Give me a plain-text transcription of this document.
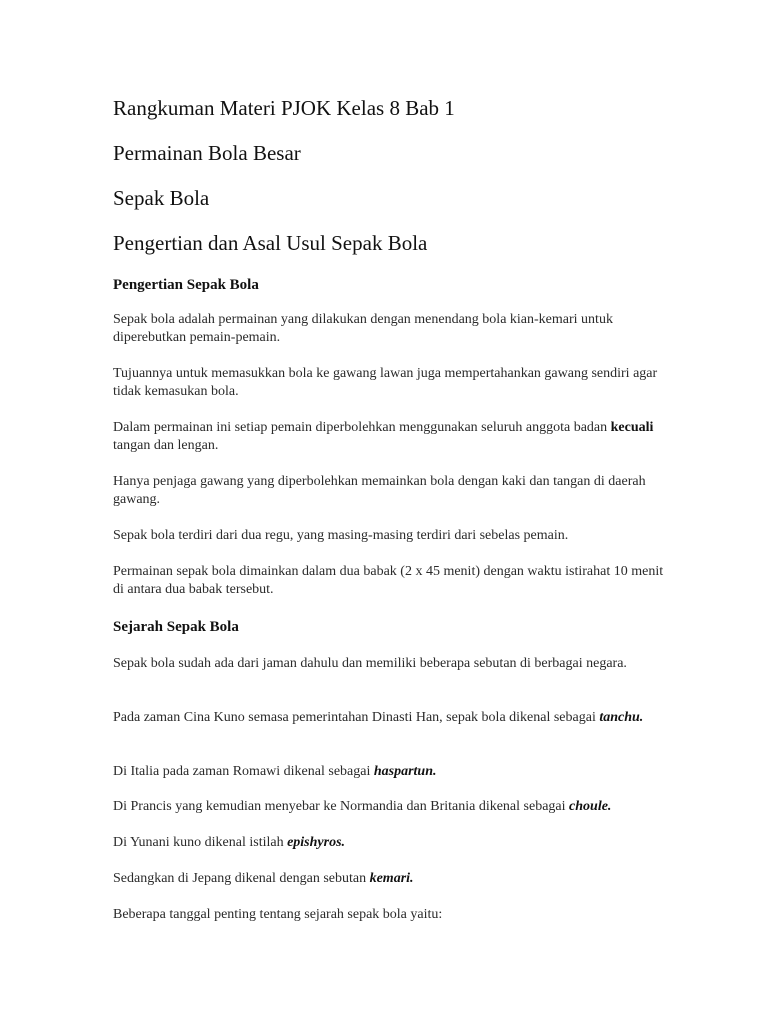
Rangkuman Materi PJOK Kelas 8 Bab 1
Permainan Bola Besar
Sepak Bola
Pengertian dan Asal Usul Sepak Bola
Pengertian Sepak Bola
Sepak bola adalah permainan yang dilakukan dengan menendang bola kian-kemari untuk diperebutkan pemain-pemain.
Tujuannya untuk memasukkan bola ke gawang lawan juga mempertahankan gawang sendiri agar tidak kemasukan bola.
Dalam permainan ini setiap pemain diperbolehkan menggunakan seluruh anggota badan kecuali tangan dan lengan.
Hanya penjaga gawang yang diperbolehkan memainkan bola dengan kaki dan tangan di daerah gawang.
Sepak bola terdiri dari dua regu, yang masing-masing terdiri dari sebelas pemain.
Permainan sepak bola dimainkan dalam dua babak (2 x 45 menit) dengan waktu istirahat 10 menit di antara dua babak tersebut.
Sejarah Sepak Bola
Sepak bola sudah ada dari jaman dahulu dan memiliki beberapa sebutan di berbagai negara.
Pada zaman Cina Kuno semasa pemerintahan Dinasti Han, sepak bola dikenal sebagai tanchu.
Di Italia pada zaman Romawi dikenal sebagai haspartun.
Di Prancis yang kemudian menyebar ke Normandia dan Britania dikenal sebagai choule.
Di Yunani kuno dikenal istilah epishyros.
Sedangkan di Jepang dikenal dengan sebutan kemari.
Beberapa tanggal penting tentang sejarah sepak bola yaitu:
